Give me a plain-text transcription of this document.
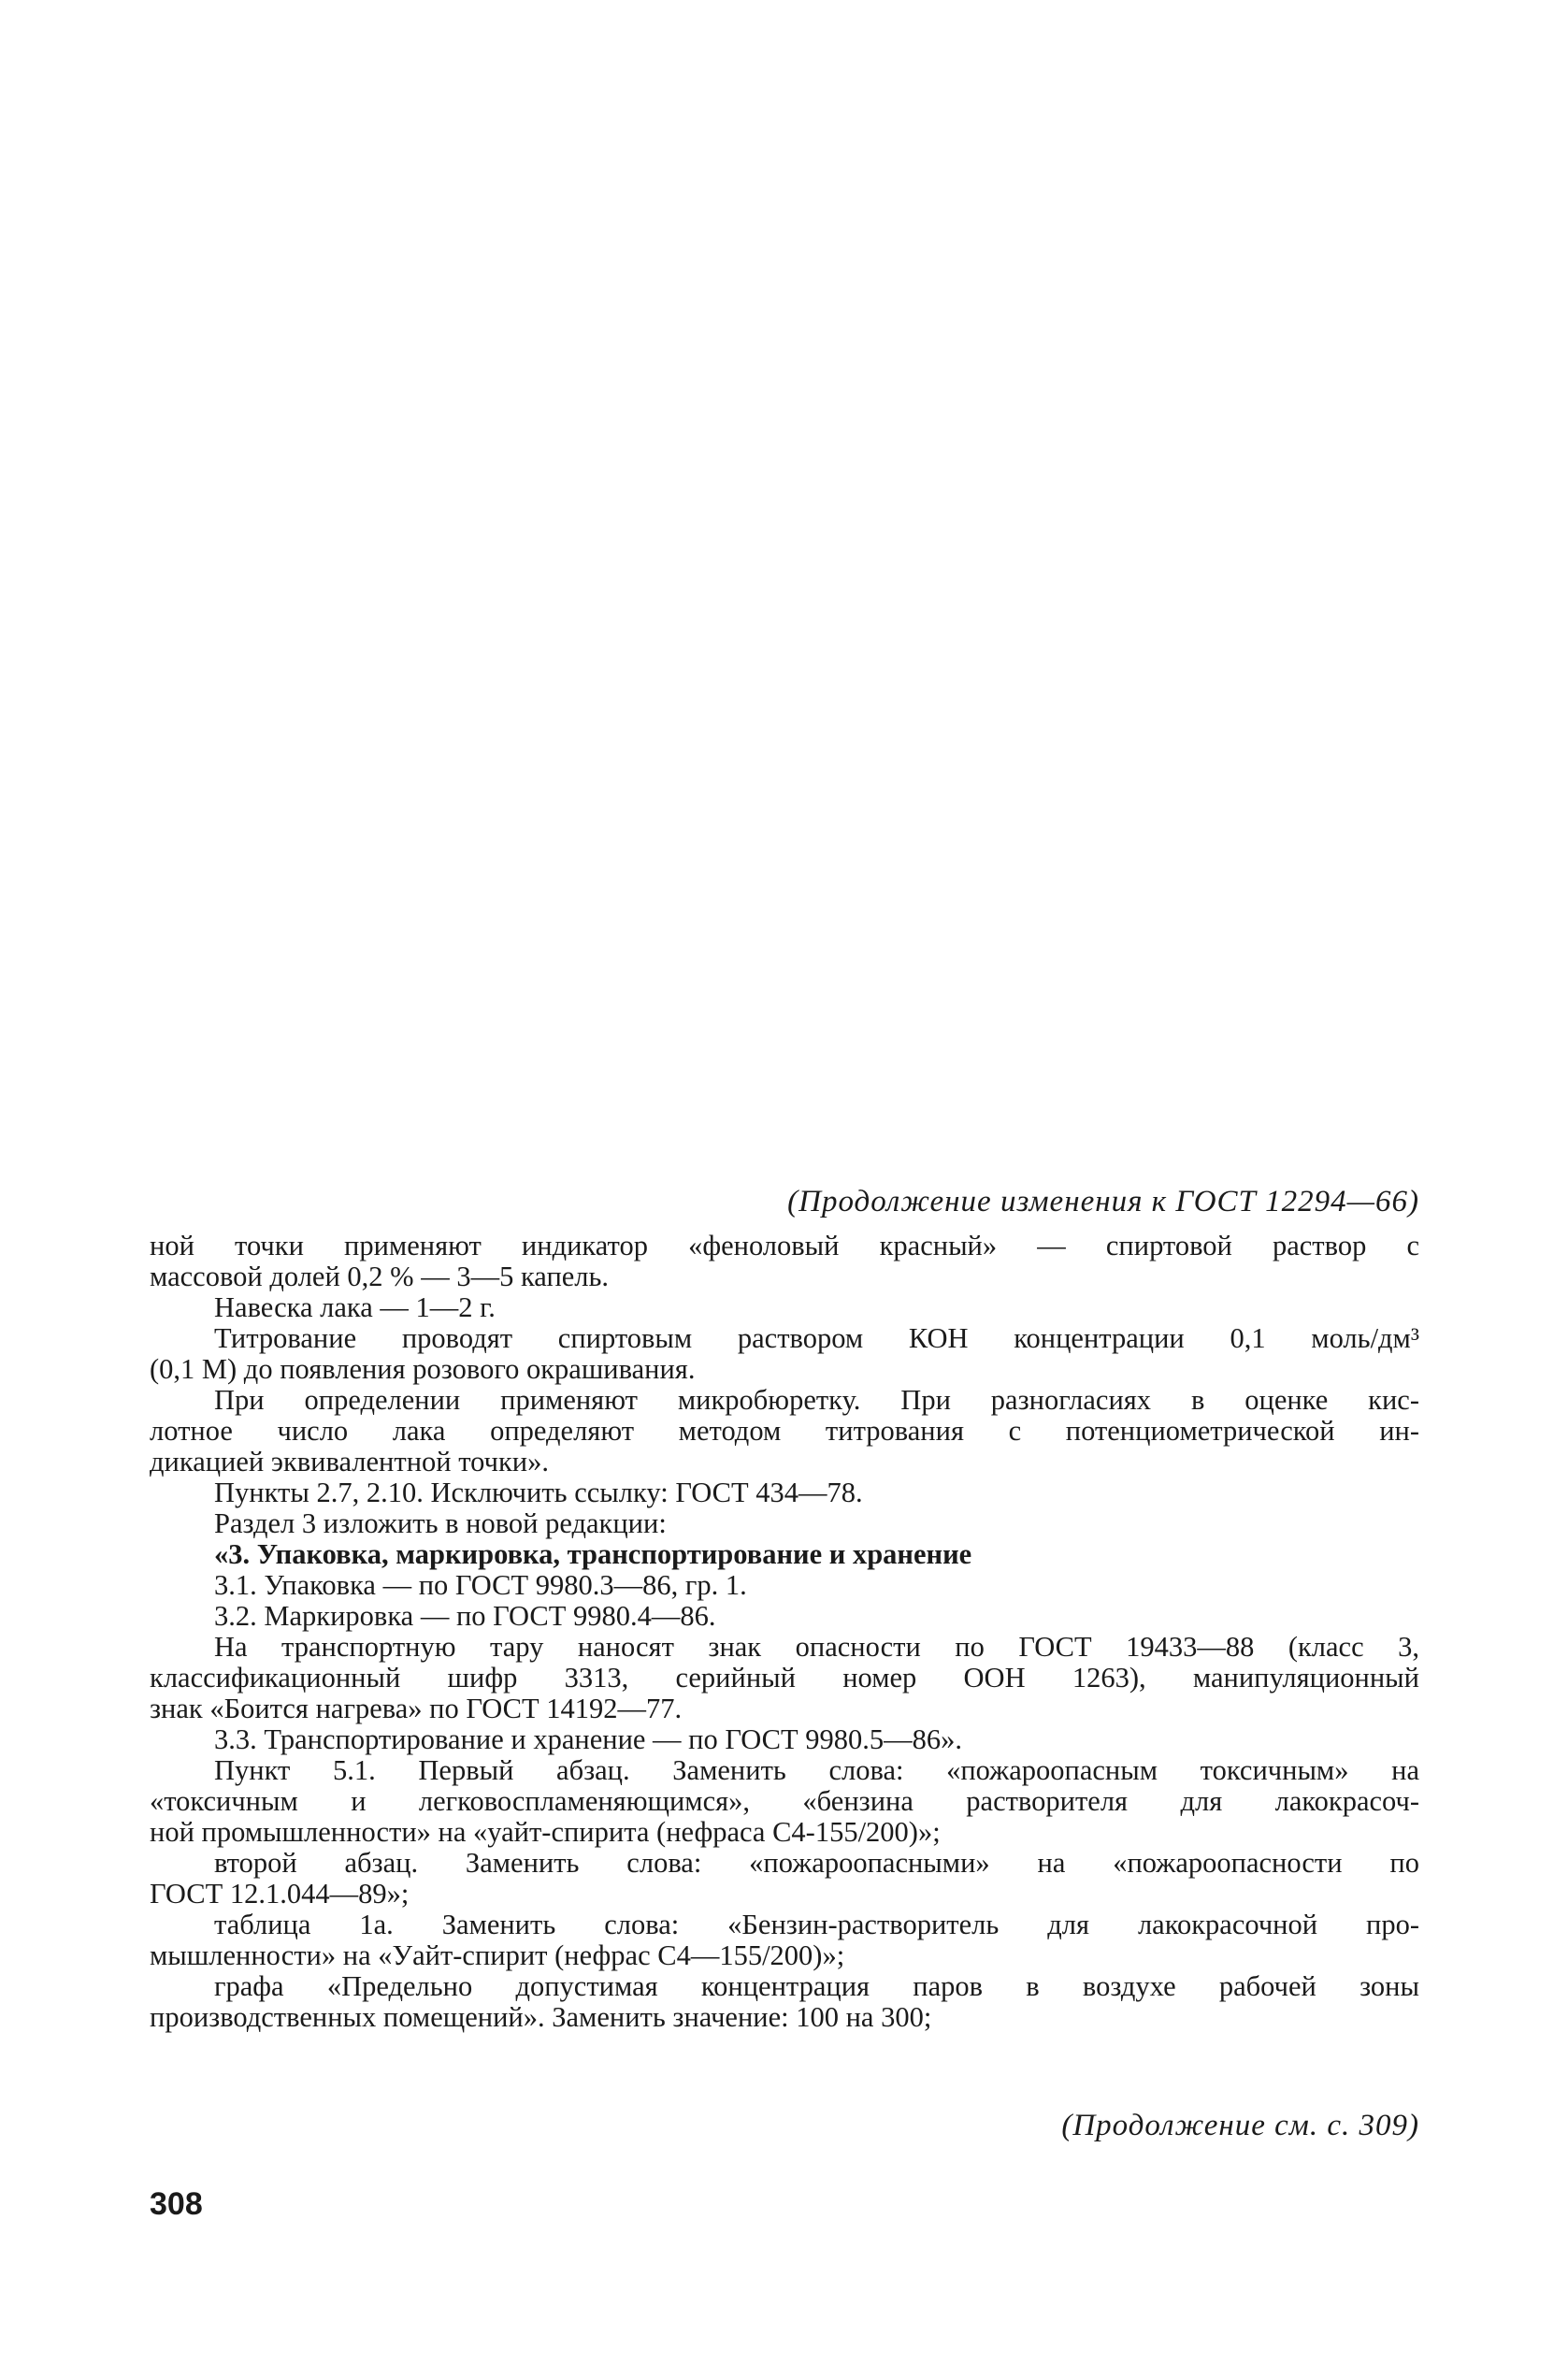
(Продолжение изменения к ГОСТ 12294—66)
ной точки применяют индикатор «феноловый красный» — спиртовой раствор с
массовой долей 0,2 % — 3—5 капель.
Навеска лака — 1—2 г.
Титрование проводят спиртовым раствором КОН концентрации 0,1 моль/дм³
(0,1 М) до появления розового окрашивания.
При определении применяют микробюретку. При разногласиях в оценке кис-
лотное число лака определяют методом титрования с потенциометрической ин-
дикацией эквивалентной точки».
Пункты 2.7, 2.10. Исключить ссылку: ГОСТ 434—78.
Раздел 3 изложить в новой редакции:
«3. Упаковка, маркировка, транспортирование и хранение
3.1. Упаковка — по ГОСТ 9980.3—86, гр. 1.
3.2. Маркировка — по ГОСТ 9980.4—86.
На транспортную тару наносят знак опасности по ГОСТ 19433—88 (класс 3,
классификационный шифр 3313, серийный номер ООН 1263), манипуляционный
знак «Боится нагрева» по ГОСТ 14192—77.
3.3. Транспортирование и хранение — по ГОСТ 9980.5—86».
Пункт 5.1. Первый абзац. Заменить слова: «пожароопасным токсичным» на
«токсичным и легковоспламеняющимся», «бензина растворителя для лакокрасоч-
ной промышленности» на «уайт-спирита (нефраса С4-155/200)»;
второй абзац. Заменить слова: «пожароопасными» на «пожароопасности по
ГОСТ 12.1.044—89»;
таблица 1а. Заменить слова: «Бензин-растворитель для лакокрасочной про-
мышленности» на «Уайт-спирит (нефрас С4—155/200)»;
графа «Предельно допустимая концентрация паров в воздухе рабочей зоны
производственных помещений». Заменить значение: 100 на 300;
(Продолжение см. с. 309)
308
